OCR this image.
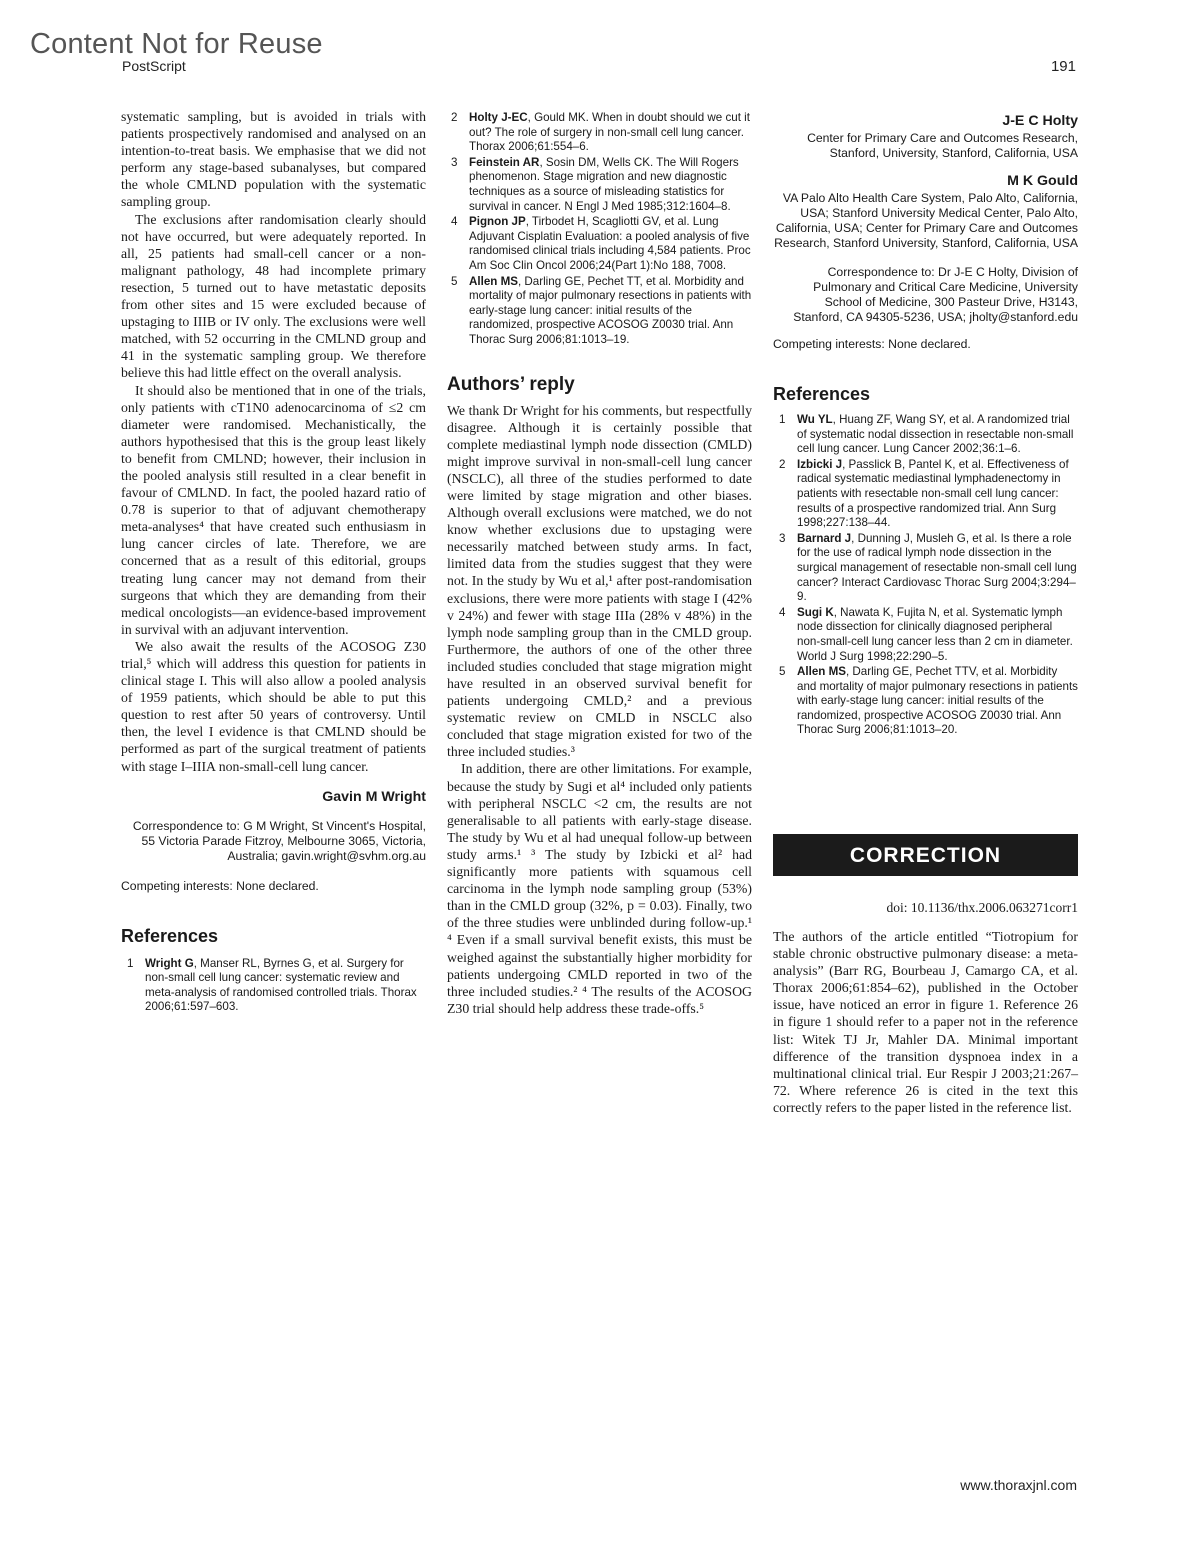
Content Not for Reuse
PostScript	191

systematic sampling, but is avoided in trials with patients prospectively randomised and analysed on an intention-to-treat basis. We emphasise that we did not perform any stage-based subanalyses, but compared the whole CMLND population with the systematic sampling group.

The exclusions after randomisation clearly should not have occurred, but were adequately reported. In all, 25 patients had small-cell cancer or a non-malignant pathology, 48 had incomplete primary resection, 5 turned out to have metastatic deposits from other sites and 15 were excluded because of upstaging to IIIB or IV only. The exclusions were well matched, with 52 occurring in the CMLND group and 41 in the systematic sampling group. We therefore believe this had little effect on the overall analysis.

It should also be mentioned that in one of the trials, only patients with cT1N0 adenocarcinoma of ≤2 cm diameter were randomised. Mechanistically, the authors hypothesised that this is the group least likely to benefit from CMLND; however, their inclusion in the pooled analysis still resulted in a clear benefit in favour of CMLND. In fact, the pooled hazard ratio of 0.78 is superior to that of adjuvant chemotherapy meta-analyses⁴ that have created such enthusiasm in lung cancer circles of late. Therefore, we are concerned that as a result of this editorial, groups treating lung cancer may not demand from their surgeons that which they are demanding from their medical oncologists—an evidence-based improvement in survival with an adjuvant intervention.

We also await the results of the ACOSOG Z30 trial,⁵ which will address this question for patients in clinical stage I. This will also allow a pooled analysis of 1959 patients, which should be able to put this question to rest after 50 years of controversy. Until then, the level I evidence is that CMLND should be performed as part of the surgical treatment of patients with stage I–IIIA non-small-cell lung cancer.

Gavin M Wright

Correspondence to: G M Wright, St Vincent's Hospital, 55 Victoria Parade Fitzroy, Melbourne 3065, Victoria, Australia; gavin.wright@svhm.org.au

Competing interests: None declared.

References

1 Wright G, Manser RL, Byrnes G, et al. Surgery for non-small cell lung cancer: systematic review and meta-analysis of randomised controlled trials. Thorax 2006;61:597–603.
2 Holty J-EC, Gould MK. When in doubt should we cut it out? The role of surgery in non-small cell lung cancer. Thorax 2006;61:554–6.
3 Feinstein AR, Sosin DM, Wells CK. The Will Rogers phenomenon. Stage migration and new diagnostic techniques as a source of misleading statistics for survival in cancer. N Engl J Med 1985;312:1604–8.
4 Pignon JP, Tirbodet H, Scagliotti GV, et al. Lung Adjuvant Cisplatin Evaluation: a pooled analysis of five randomised clinical trials including 4,584 patients. Proc Am Soc Clin Oncol 2006;24(Part 1):No 188, 7008.
5 Allen MS, Darling GE, Pechet TT, et al. Morbidity and mortality of major pulmonary resections in patients with early-stage lung cancer: initial results of the randomized, prospective ACOSOG Z0030 trial. Ann Thorac Surg 2006;81:1013–19.

Authors’ reply

We thank Dr Wright for his comments, but respectfully disagree. Although it is certainly possible that complete mediastinal lymph node dissection (CMLD) might improve survival in non-small-cell lung cancer (NSCLC), all three of the studies performed to date were limited by stage migration and other biases. Although overall exclusions were matched, we do not know whether exclusions due to upstaging were necessarily matched between study arms. In fact, limited data from the studies suggest that they were not. In the study by Wu et al,¹ after post-randomisation exclusions, there were more patients with stage I (42% v 24%) and fewer with stage IIIa (28% v 48%) in the lymph node sampling group than in the CMLD group. Furthermore, the authors of one of the other three included studies concluded that stage migration might have resulted in an observed survival benefit for patients undergoing CMLD,² and a previous systematic review on CMLD in NSCLC also concluded that stage migration existed for two of the three included studies.³

In addition, there are other limitations. For example, because the study by Sugi et al⁴ included only patients with peripheral NSCLC <2 cm, the results are not generalisable to all patients with early-stage disease. The study by Wu et al had unequal follow-up between study arms.¹ ³ The study by Izbicki et al² had significantly more patients with squamous cell carcinoma in the lymph node sampling group (53%) than in the CMLD group (32%, p = 0.03). Finally, two of the three studies were unblinded during follow-up.¹ ⁴ Even if a small survival benefit exists, this must be weighed against the substantially higher morbidity for patients undergoing CMLD reported in two of the three included studies.² ⁴ The results of the ACOSOG Z30 trial should help address these trade-offs.⁵

J-E C Holty

Center for Primary Care and Outcomes Research, Stanford, University, Stanford, California, USA

M K Gould

VA Palo Alto Health Care System, Palo Alto, California, USA; Stanford University Medical Center, Palo Alto, California, USA; Center for Primary Care and Outcomes Research, Stanford University, Stanford, California, USA

Correspondence to: Dr J-E C Holty, Division of Pulmonary and Critical Care Medicine, University School of Medicine, 300 Pasteur Drive, H3143, Stanford, CA 94305-5236, USA; jholty@stanford.edu

Competing interests: None declared.

References

1 Wu YL, Huang ZF, Wang SY, et al. A randomized trial of systematic nodal dissection in resectable non-small cell lung cancer. Lung Cancer 2002;36:1–6.
2 Izbicki J, Passlick B, Pantel K, et al. Effectiveness of radical systematic mediastinal lymphadenectomy in patients with resectable non-small cell lung cancer: results of a prospective randomized trial. Ann Surg 1998;227:138–44.
3 Barnard J, Dunning J, Musleh G, et al. Is there a role for the use of radical lymph node dissection in the surgical management of resectable non-small cell lung cancer? Interact Cardiovasc Thorac Surg 2004;3:294–9.
4 Sugi K, Nawata K, Fujita N, et al. Systematic lymph node dissection for clinically diagnosed peripheral non-small-cell lung cancer less than 2 cm in diameter. World J Surg 1998;22:290–5.
5 Allen MS, Darling GE, Pechet TTV, et al. Morbidity and mortality of major pulmonary resections in patients with early-stage lung cancer: initial results of the randomized, prospective ACOSOG Z0030 trial. Ann Thorac Surg 2006;81:1013–20.
CORRECTION

doi: 10.1136/thx.2006.063271corr1

The authors of the article entitled “Tiotropium for stable chronic obstructive pulmonary disease: a meta-analysis” (Barr RG, Bourbeau J, Camargo CA, et al. Thorax 2006;61:854–62), published in the October issue, have noticed an error in figure 1. Reference 26 in figure 1 should refer to a paper not in the reference list: Witek TJ Jr, Mahler DA. Minimal important difference of the transition dyspnoea index in a multinational clinical trial. Eur Respir J 2003;21:267–72. Where reference 26 is cited in the text this correctly refers to the paper listed in the reference list.

www.thoraxjnl.com
